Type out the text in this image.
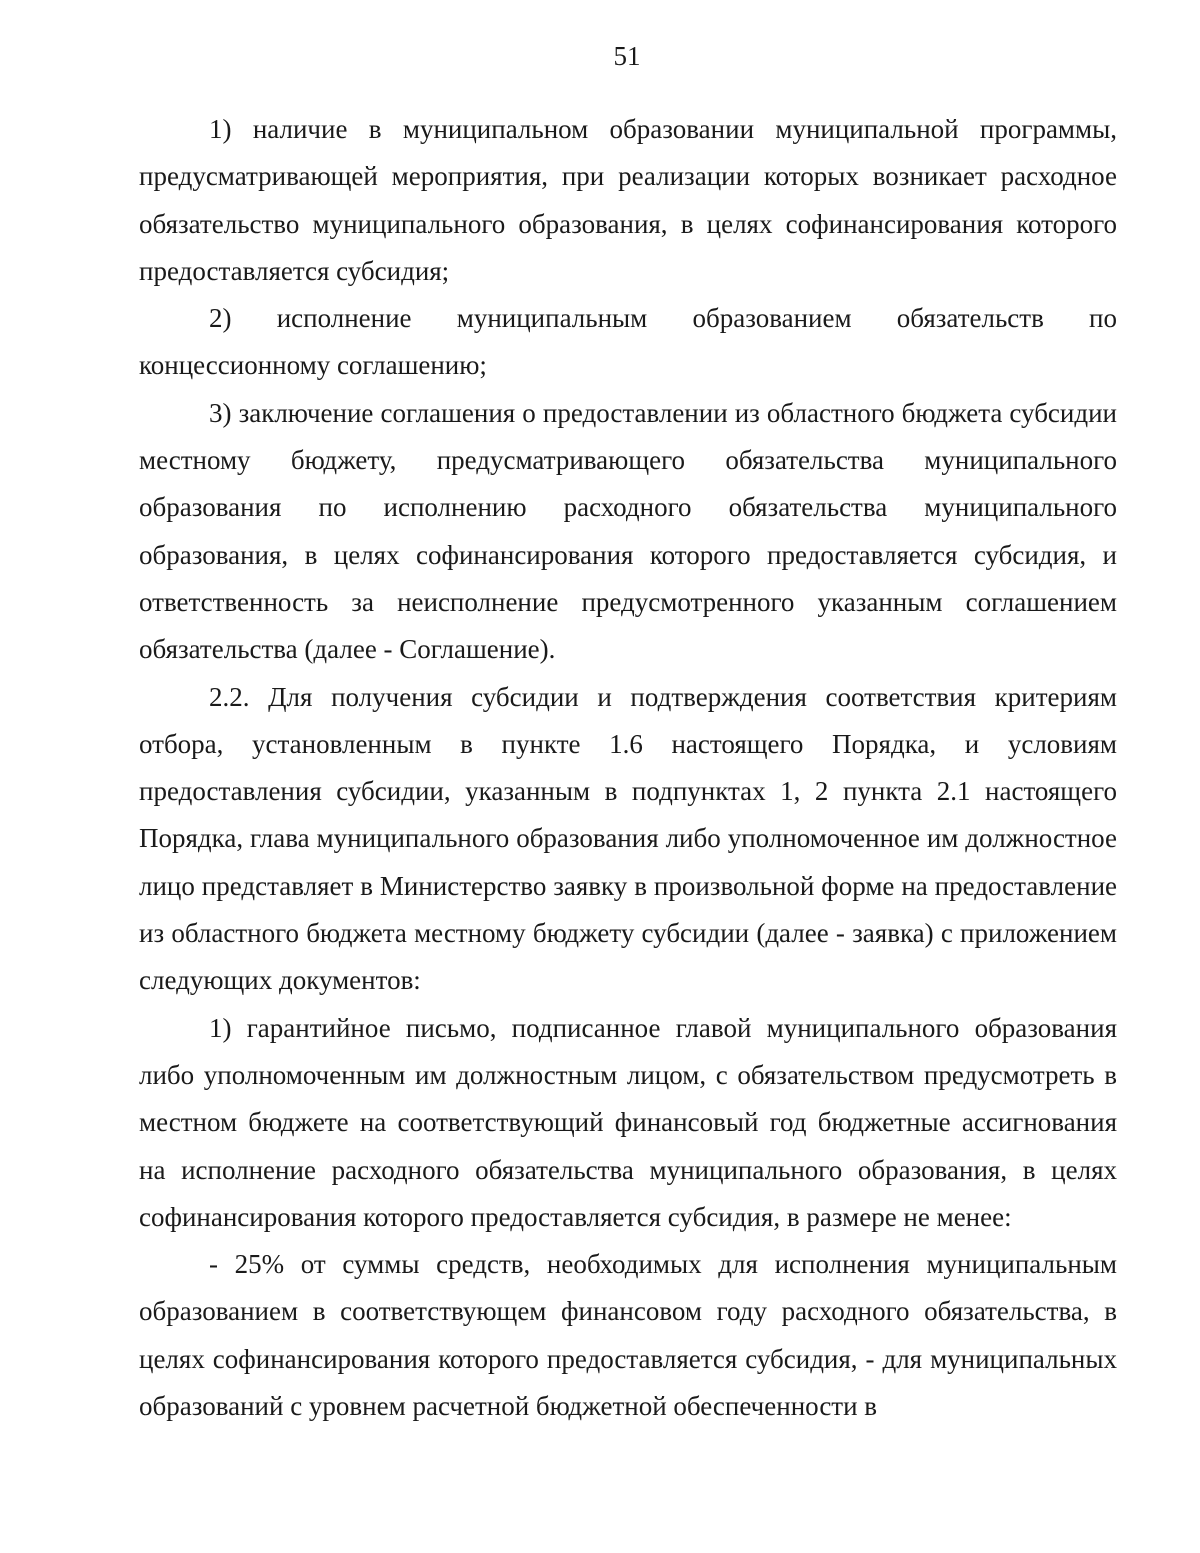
51

1) наличие в муниципальном образовании муниципальной программы, предусматривающей мероприятия, при реализации которых возникает расходное обязательство муниципального образования, в целях софинансирования которого предоставляется субсидия;

2) исполнение муниципальным образованием обязательств по концессионному соглашению;

3) заключение соглашения о предоставлении из областного бюджета субсидии местному бюджету, предусматривающего обязательства муниципального образования по исполнению расходного обязательства муниципального образования, в целях софинансирования которого предоставляется субсидия, и ответственность за неисполнение предусмотренного указанным соглашением обязательства (далее - Соглашение).

2.2. Для получения субсидии и подтверждения соответствия критериям отбора, установленным в пункте 1.6 настоящего Порядка, и условиям предоставления субсидии, указанным в подпунктах 1, 2 пункта 2.1 настоящего Порядка, глава муниципального образования либо уполномоченное им должностное лицо представляет в Министерство заявку в произвольной форме на предоставление из областного бюджета местному бюджету субсидии (далее - заявка) с приложением следующих документов:

1) гарантийное письмо, подписанное главой муниципального образования либо уполномоченным им должностным лицом, с обязательством предусмотреть в местном бюджете на соответствующий финансовый год бюджетные ассигнования на исполнение расходного обязательства муниципального образования, в целях софинансирования которого предоставляется субсидия, в размере не менее:

- 25% от суммы средств, необходимых для исполнения муниципальным образованием в соответствующем финансовом году расходного обязательства, в целях софинансирования которого предоставляется субсидия, - для муниципальных образований с уровнем расчетной бюджетной обеспеченности в
